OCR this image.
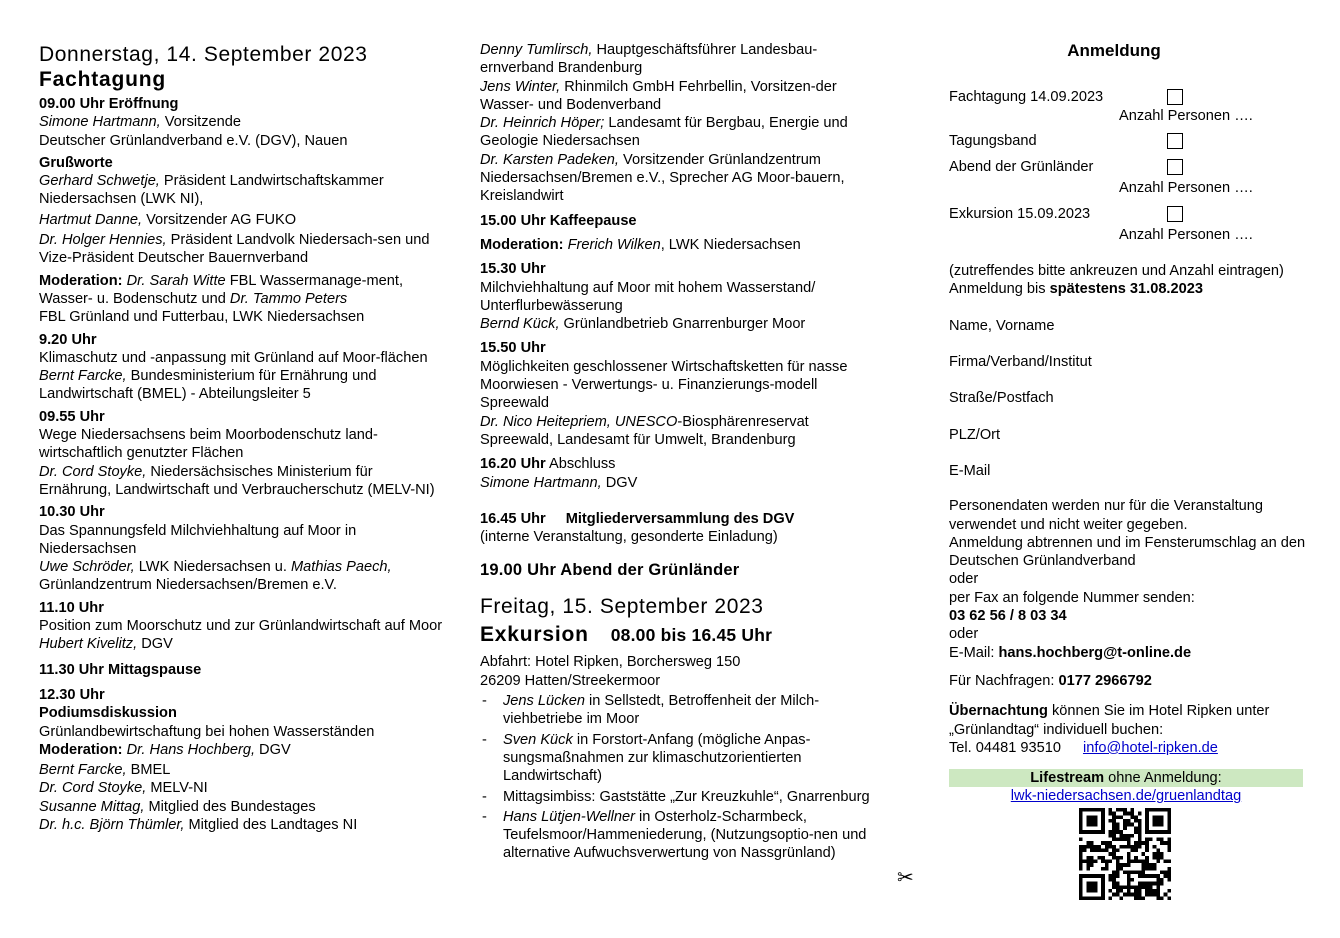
Donnerstag, 14. September 2023
Fachtagung
09.00 Uhr Eröffnung
Simone Hartmann, Vorsitzende
Deutscher Grünlandverband e.V. (DGV), Nauen
Grußworte
Gerhard Schwetje, Präsident Landwirtschaftskammer Niedersachsen (LWK NI),
Hartmut Danne, Vorsitzender AG FUKO
Dr. Holger Hennies, Präsident Landvolk Niedersach-sen und Vize-Präsident Deutscher Bauernverband
Moderation: Dr. Sarah Witte FBL Wassermanage-ment, Wasser- u. Bodenschutz und Dr. Tammo Peters
FBL Grünland und Futterbau, LWK Niedersachsen
9.20 Uhr
Klimaschutz und -anpassung mit Grünland auf Moor-flächen
Bernt Farcke, Bundesministerium für Ernährung und Landwirtschaft (BMEL) - Abteilungsleiter 5
09.55 Uhr
Wege Niedersachsens beim Moorbodenschutz land-wirtschaftlich genutzter Flächen
Dr. Cord Stoyke, Niedersächsisches Ministerium für Ernährung, Landwirtschaft und Verbraucherschutz (MELV-NI)
10.30 Uhr
Das Spannungsfeld Milchviehhaltung auf Moor in Niedersachsen
Uwe Schröder, LWK Niedersachsen u. Mathias Paech, Grünlandzentrum Niedersachsen/Bremen e.V.
11.10 Uhr
Position zum Moorschutz und zur Grünlandwirtschaft auf Moor
Hubert Kivelitz, DGV
11.30 Uhr Mittagspause
12.30 Uhr
Podiumsdiskussion
Grünlandbewirtschaftung bei hohen Wasserständen
Moderation: Dr. Hans Hochberg, DGV
Bernt Farcke, BMEL
Dr. Cord Stoyke, MELV-NI
Susanne Mittag, Mitglied des Bundestages
Dr. h.c. Björn Thümler, Mitglied des Landtages NI
Denny Tumlirsch, Hauptgeschäftsführer Landesbau-ernverband Brandenburg
Jens Winter, Rhinmilch GmbH Fehrbellin, Vorsitzen-der Wasser- und Bodenverband
Dr. Heinrich Höper; Landesamt für Bergbau, Energie und Geologie Niedersachsen
Dr. Karsten Padeken, Vorsitzender Grünlandzentrum Niedersachsen/Bremen e.V., Sprecher AG Moor-bauern, Kreislandwirt
15.00 Uhr Kaffeepause
Moderation: Frerich Wilken, LWK Niedersachsen
15.30 Uhr
Milchviehhaltung auf Moor mit hohem Wasserstand/ Unterflurbewässerung
Bernd Kück, Grünlandbetrieb Gnarrenburger Moor
15.50 Uhr
Möglichkeiten geschlossener Wirtschaftsketten für nasse Moorwiesen - Verwertungs- u. Finanzierungs-modell Spreewald
Dr. Nico Heitepriem, UNESCO-Biosphärenreservat Spreewald, Landesamt für Umwelt, Brandenburg
16.20 Uhr Abschluss
Simone Hartmann, DGV
16.45 Uhr Mitgliederversammlung des DGV
(interne Veranstaltung, gesonderte Einladung)
19.00 Uhr Abend der Grünländer
Freitag, 15. September 2023
Exkursion 08.00 bis 16.45 Uhr
Abfahrt: Hotel Ripken, Borchersweg 150
26209 Hatten/Streekermoor
- Jens Lücken in Sellstedt, Betroffenheit der Milch-viehbetriebe im Moor
- Sven Kück in Forstort-Anfang (mögliche Anpas-sungsmaßnahmen zur klimaschutzorientierten Landwirtschaft)
- Mittagsimbiss: Gaststätte „Zur Kreuzkuhle“, Gnarrenburg
- Hans Lütjen-Wellner in Osterholz-Scharmbeck, Teufelsmoor/Hammeniederung, (Nutzungsoptio-nen und alternative Aufwuchsverwertung von Nassgrünland)
✂
Anmeldung
Fachtagung 14.09.2023
Anzahl Personen ….
Tagungsband
Abend der Grünländer
Anzahl Personen ….
Exkursion 15.09.2023
Anzahl Personen ….
(zutreffendes bitte ankreuzen und Anzahl eintragen)
Anmeldung bis spätestens 31.08.2023
Name, Vorname
Firma/Verband/Institut
Straße/Postfach
PLZ/Ort
E-Mail
Personendaten werden nur für die Veranstaltung verwendet und nicht weiter gegeben.
Anmeldung abtrennen und im Fensterumschlag an den Deutschen Grünlandverband
oder
per Fax an folgende Nummer senden:
03 62 56 / 8 03 34
oder
E-Mail: hans.hochberg@t-online.de
Für Nachfragen: 0177 2966792
Übernachtung können Sie im Hotel Ripken unter „Grünlandtag“ individuell buchen:
Tel. 04481 93510 info@hotel-ripken.de
Lifestream ohne Anmeldung:
lwk-niedersachsen.de/gruenlandtag
